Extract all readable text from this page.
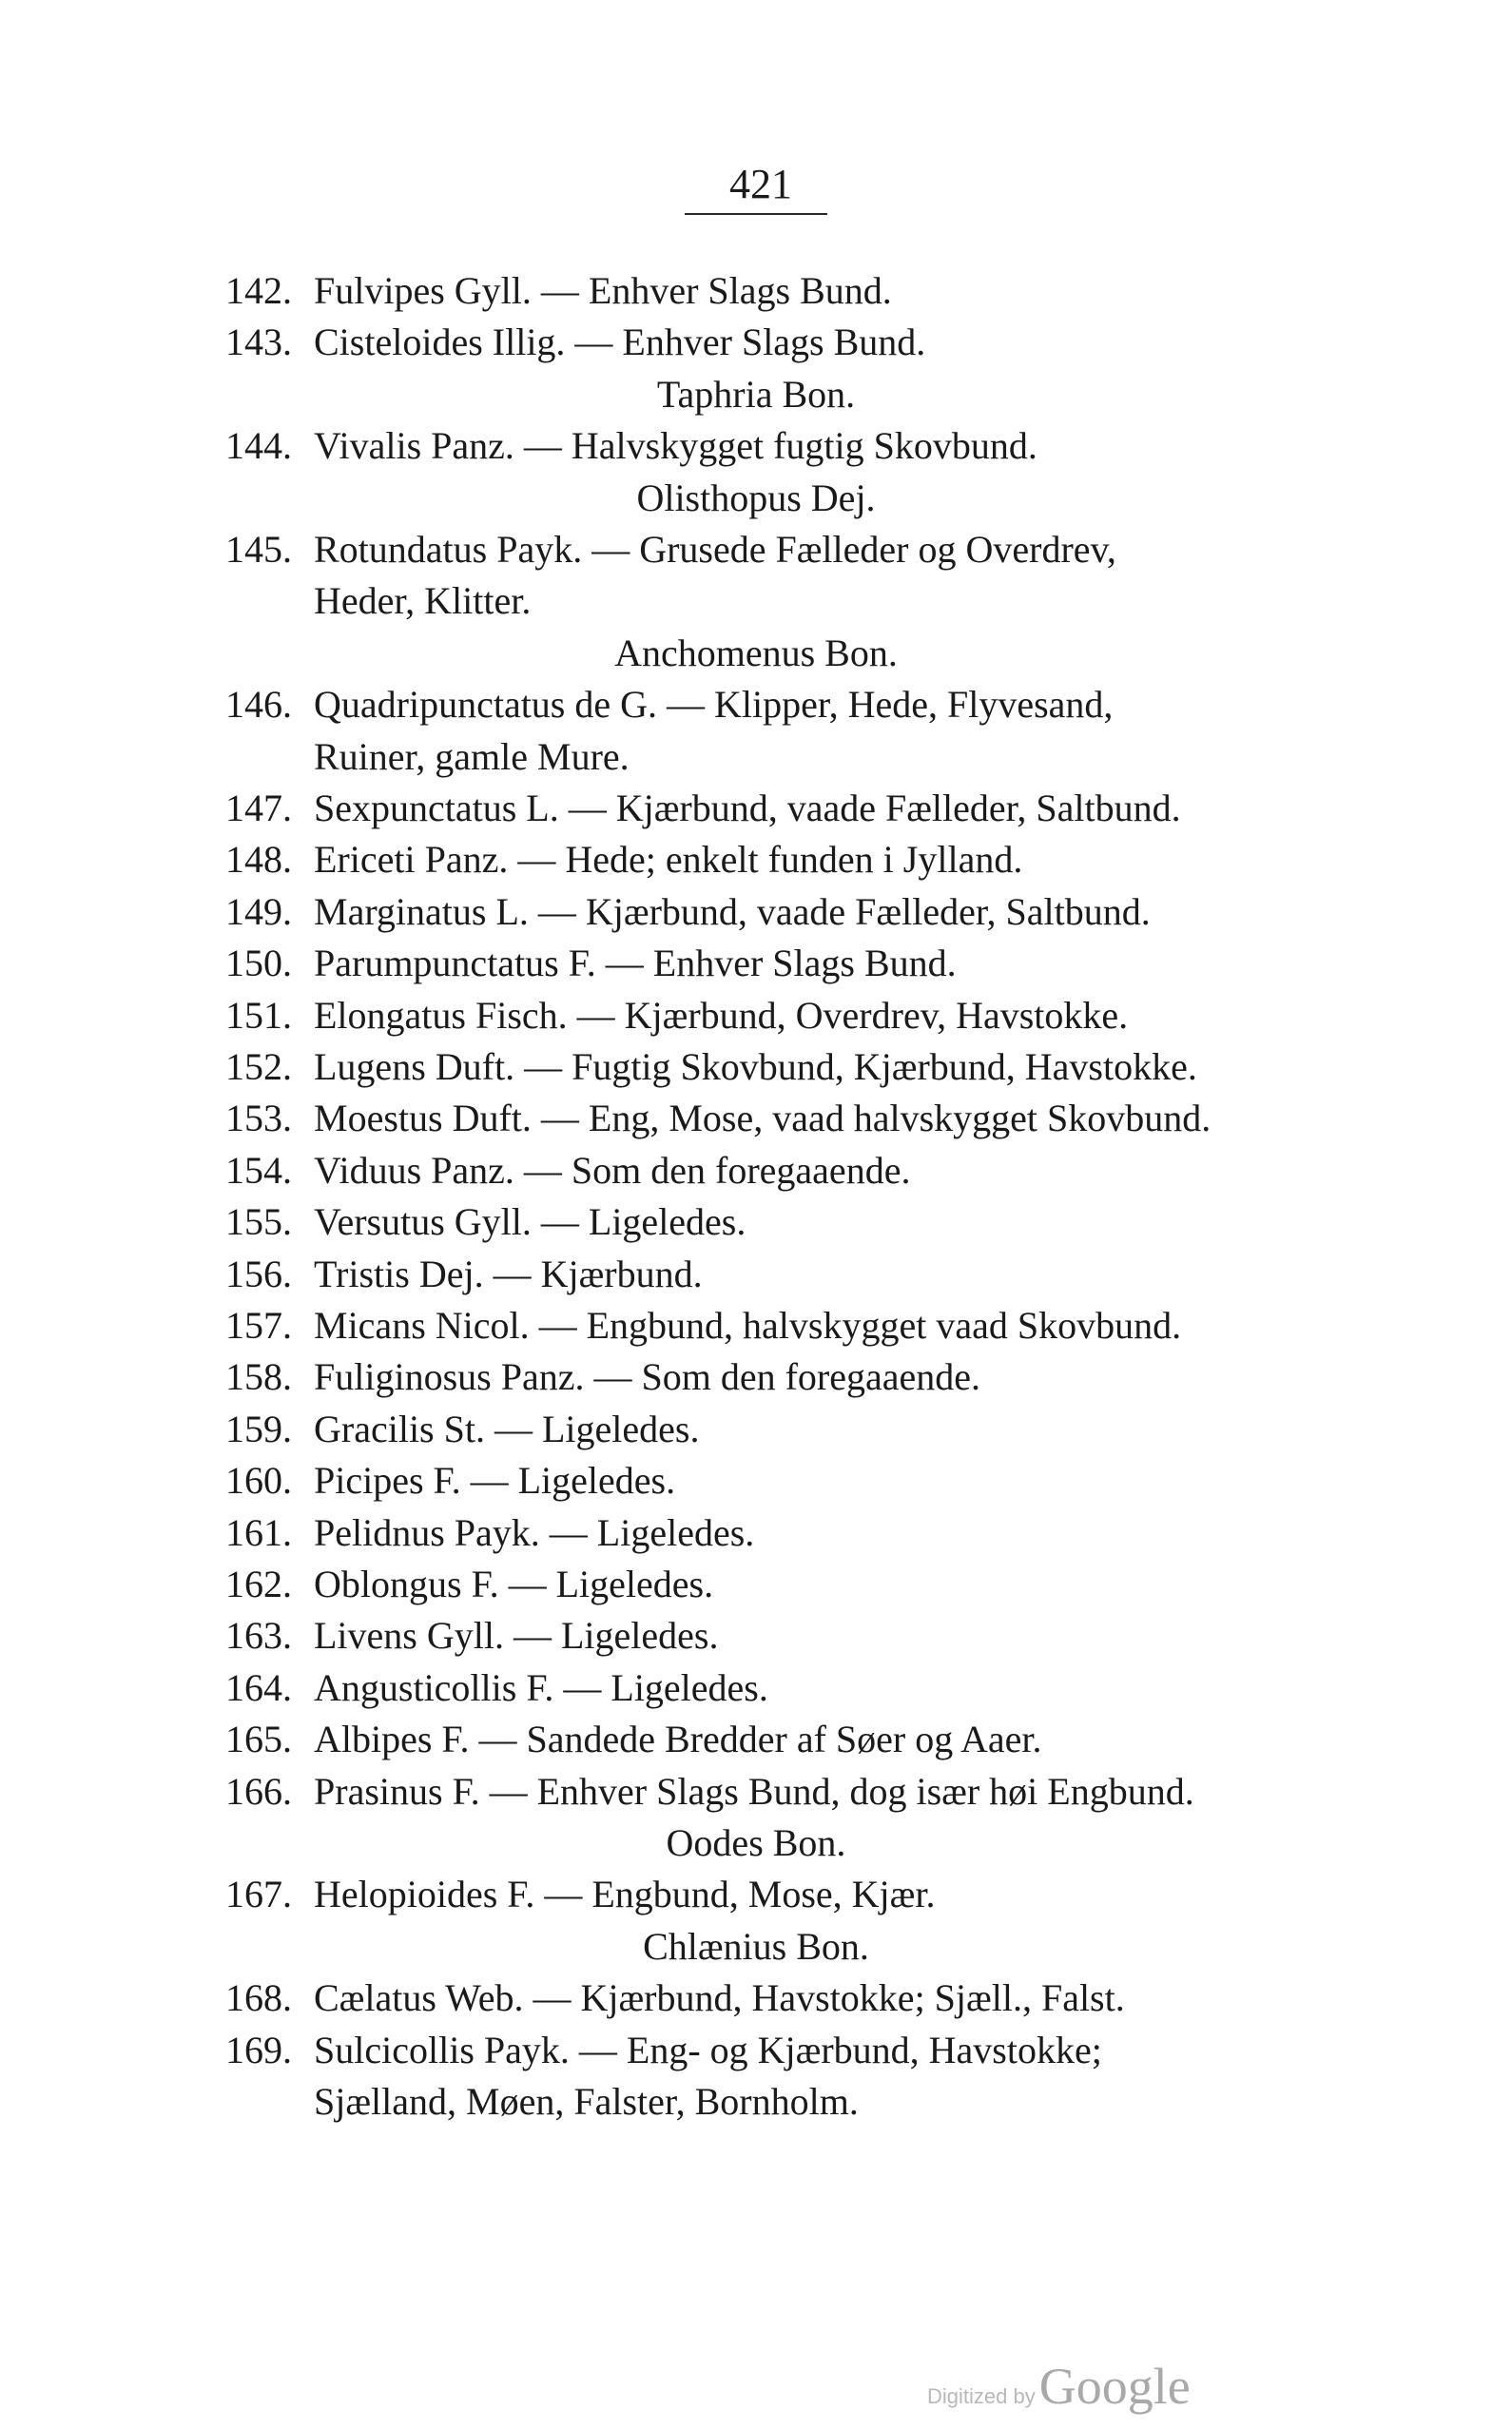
421
142. Fulvipes Gyll. — Enhver Slags Bund.
143. Cisteloides Illig. — Enhver Slags Bund.
Taphria Bon.
144. Vivalis Panz. — Halvskygget fugtig Skovbund.
Olisthopus Dej.
145. Rotundatus Payk. — Grusede Fælleder og Overdrev,
Heder, Klitter.
Anchomenus Bon.
146. Quadripunctatus de G. — Klipper, Hede, Flyvesand,
Ruiner, gamle Mure.
147. Sexpunctatus L. — Kjærbund, vaade Fælleder, Saltbund.
148. Ericeti Panz. — Hede; enkelt funden i Jylland.
149. Marginatus L. — Kjærbund, vaade Fælleder, Saltbund.
150. Parumpunctatus F. — Enhver Slags Bund.
151. Elongatus Fisch. — Kjærbund, Overdrev, Havstokke.
152. Lugens Duft. — Fugtig Skovbund, Kjærbund, Havstokke.
153. Moestus Duft. — Eng, Mose, vaad halvskygget Skovbund.
154. Viduus Panz. — Som den foregaaende.
155. Versutus Gyll. — Ligeledes.
156. Tristis Dej. — Kjærbund.
157. Micans Nicol. — Engbund, halvskygget vaad Skovbund.
158. Fuliginosus Panz. — Som den foregaaende.
159. Gracilis St. — Ligeledes.
160. Picipes F. — Ligeledes.
161. Pelidnus Payk. — Ligeledes.
162. Oblongus F. — Ligeledes.
163. Livens Gyll. — Ligeledes.
164. Angusticollis F. — Ligeledes.
165. Albipes F. — Sandede Bredder af Søer og Aaer.
166. Prasinus F. — Enhver Slags Bund, dog især høi Engbund.
Oodes Bon.
167. Helopioides F. — Engbund, Mose, Kjær.
Chlænius Bon.
168. Cælatus Web. — Kjærbund, Havstokke; Sjæll., Falst.
169. Sulcicollis Payk. — Eng- og Kjærbund, Havstokke;
Sjælland, Møen, Falster, Bornholm.
Digitized by Google
